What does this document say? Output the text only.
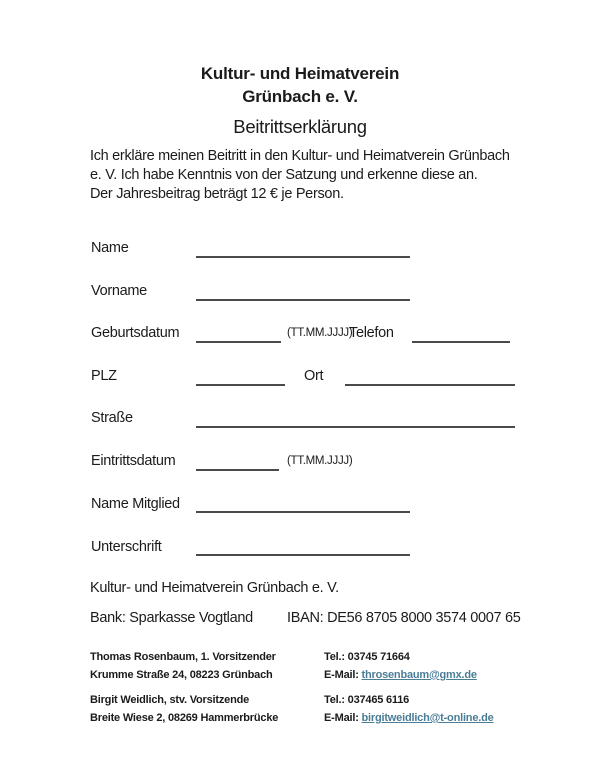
Kultur- und Heimatverein
Grünbach e. V.
Beitrittserklärung
Ich erkläre meinen Beitritt in den Kultur- und Heimatverein Grünbach
e. V. Ich habe Kenntnis von der Satzung und erkenne diese an.
Der Jahresbeitrag beträgt 12 € je Person.
Name
Vorname
Geburtsdatum	(TT.MM.JJJJ)
Telefon
PLZ	Ort
Straße
Eintrittsdatum	(TT.MM.JJJJ)
Name Mitglied
Unterschrift
Kultur- und Heimatverein Grünbach e. V.
Bank: Sparkasse Vogtland IBAN: DE56 8705 8000 3574 0007 65
Thomas Rosenbaum, 1. Vorsitzender
Krumme Straße 24, 08223 Grünbach
Tel.: 03745 71664
E-Mail: throsenbaum@gmx.de
Birgit Weidlich, stv. Vorsitzende
Breite Wiese 2, 08269 Hammerbrücke
Tel.: 037465 6116
E-Mail: birgitweidlich@t-online.de
